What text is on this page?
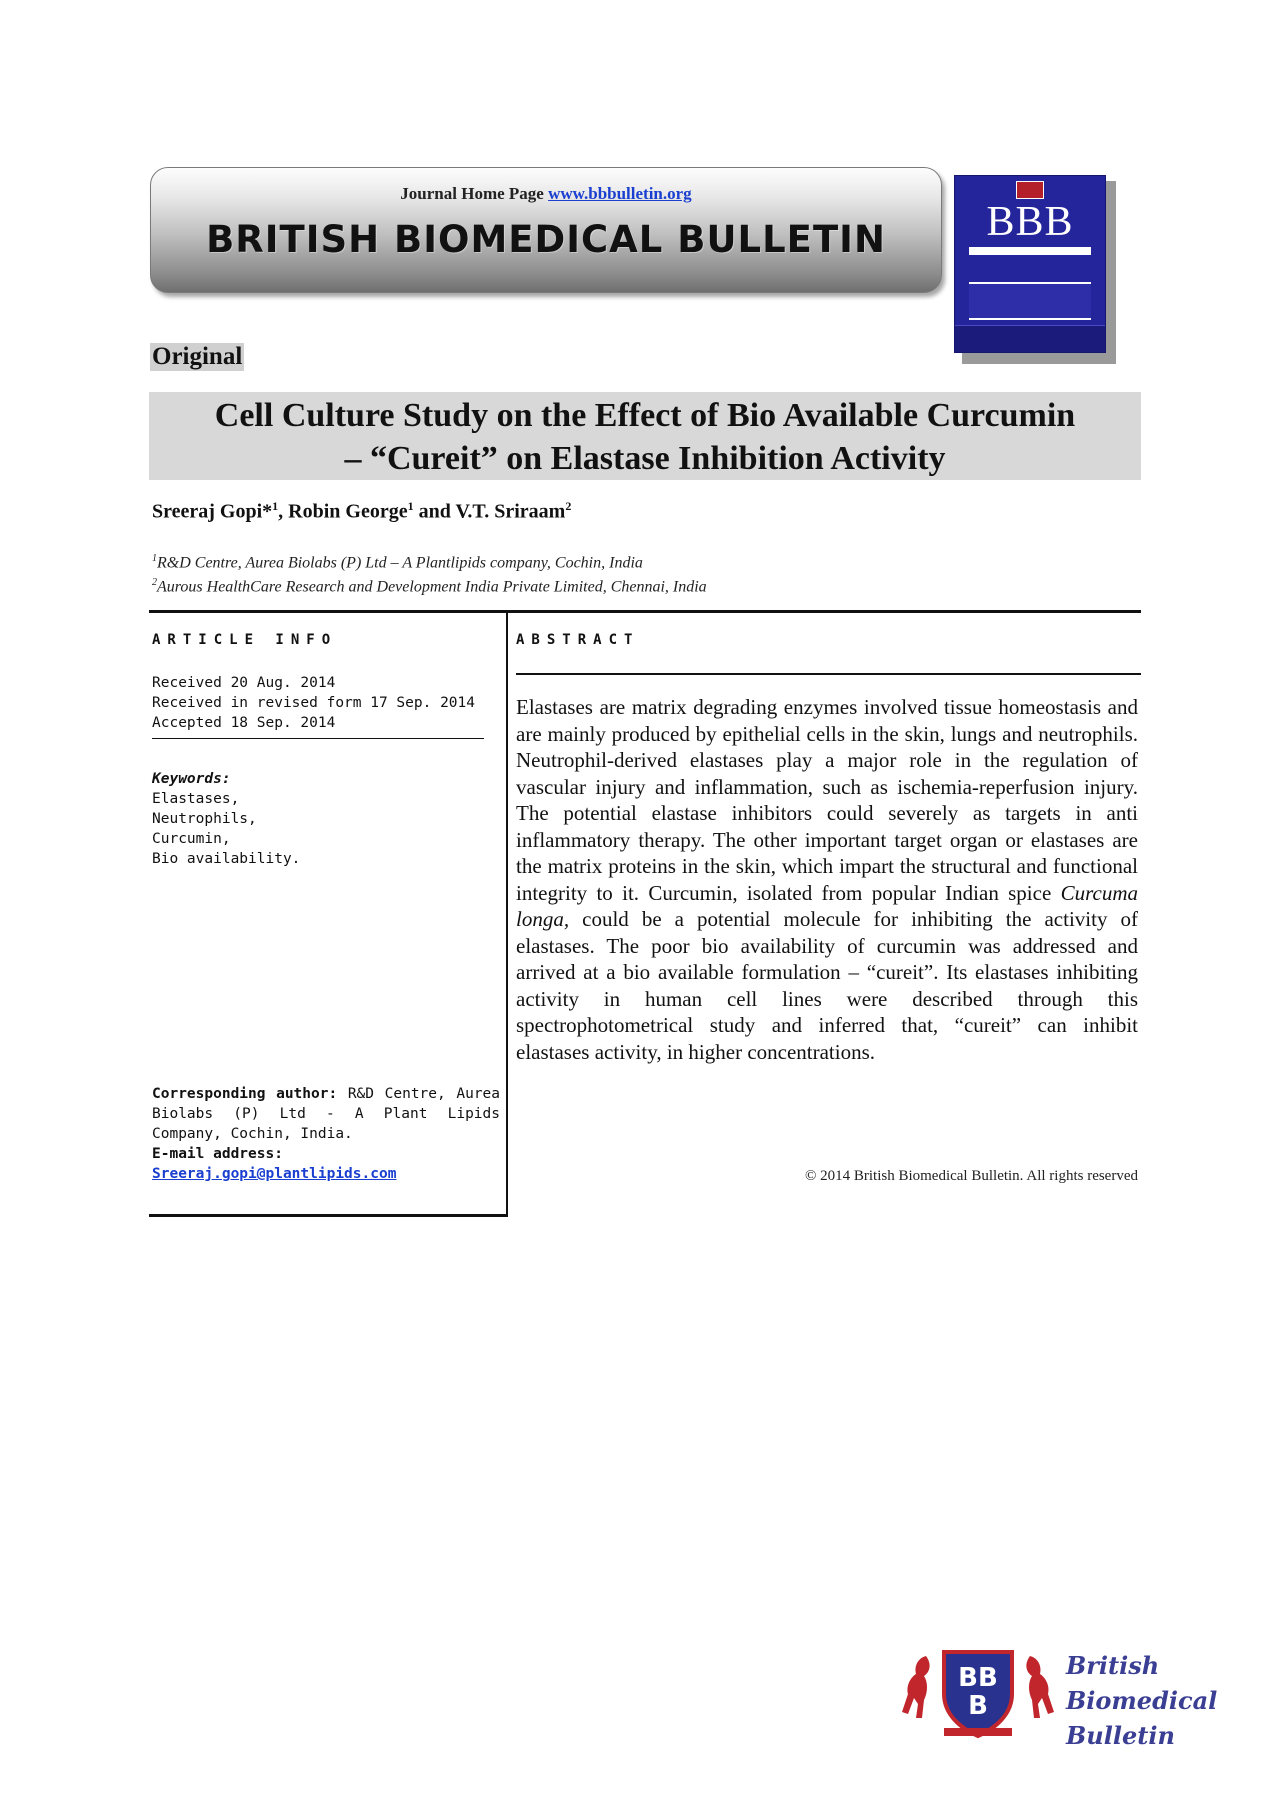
Journal Home Page www.bbbulletin.org
BRITISH BIOMEDICAL BULLETIN	BBB
Original
Cell Culture Study on the Effect of Bio Available Curcumin
– “Cureit” on Elastase Inhibition Activity
Sreeraj Gopi*$^1$, Robin George$^1$ and V.T. Sriraam$^2$
$^1$R&D Centre, Aurea Biolabs (P) Ltd – A Plantlipids company, Cochin, India
$^2$Aurous HealthCare Research and Development India Private Limited, Chennai, India
ARTICLE INFO
Received 20 Aug. 2014
Received in revised form 17 Sep. 2014
Accepted 18 Sep. 2014
Keywords:
Elastases,
Neutrophils,
Curcumin,
Bio availability.
Corresponding author: R&D Centre, Aurea Biolabs (P) Ltd - A Plant Lipids Company, Cochin, India.
E-mail address:
Sreeraj.gopi@plantlipids.com
ABSTRACT
Elastases are matrix degrading enzymes involved tissue homeostasis and are mainly produced by epithelial cells in the skin, lungs and neutrophils. Neutrophil-derived elastases play a major role in the regulation of vascular injury and inflammation, such as ischemia-reperfusion injury. The potential elastase inhibitors could severely as targets in anti inflammatory therapy. The other important target organ or elastases are the matrix proteins in the skin, which impart the structural and functional integrity to it. Curcumin, isolated from popular Indian spice Curcuma longa, could be a potential molecule for inhibiting the activity of elastases. The poor bio availability of curcumin was addressed and arrived at a bio available formulation – “cureit”. Its elastases inhibiting activity in human cell lines were described through this spectrophotometrical study and inferred that, “cureit” can inhibit elastases activity, in higher concentrations.
© 2014 British Biomedical Bulletin. All rights reserved
BB
B
British
Biomedical
Bulletin
